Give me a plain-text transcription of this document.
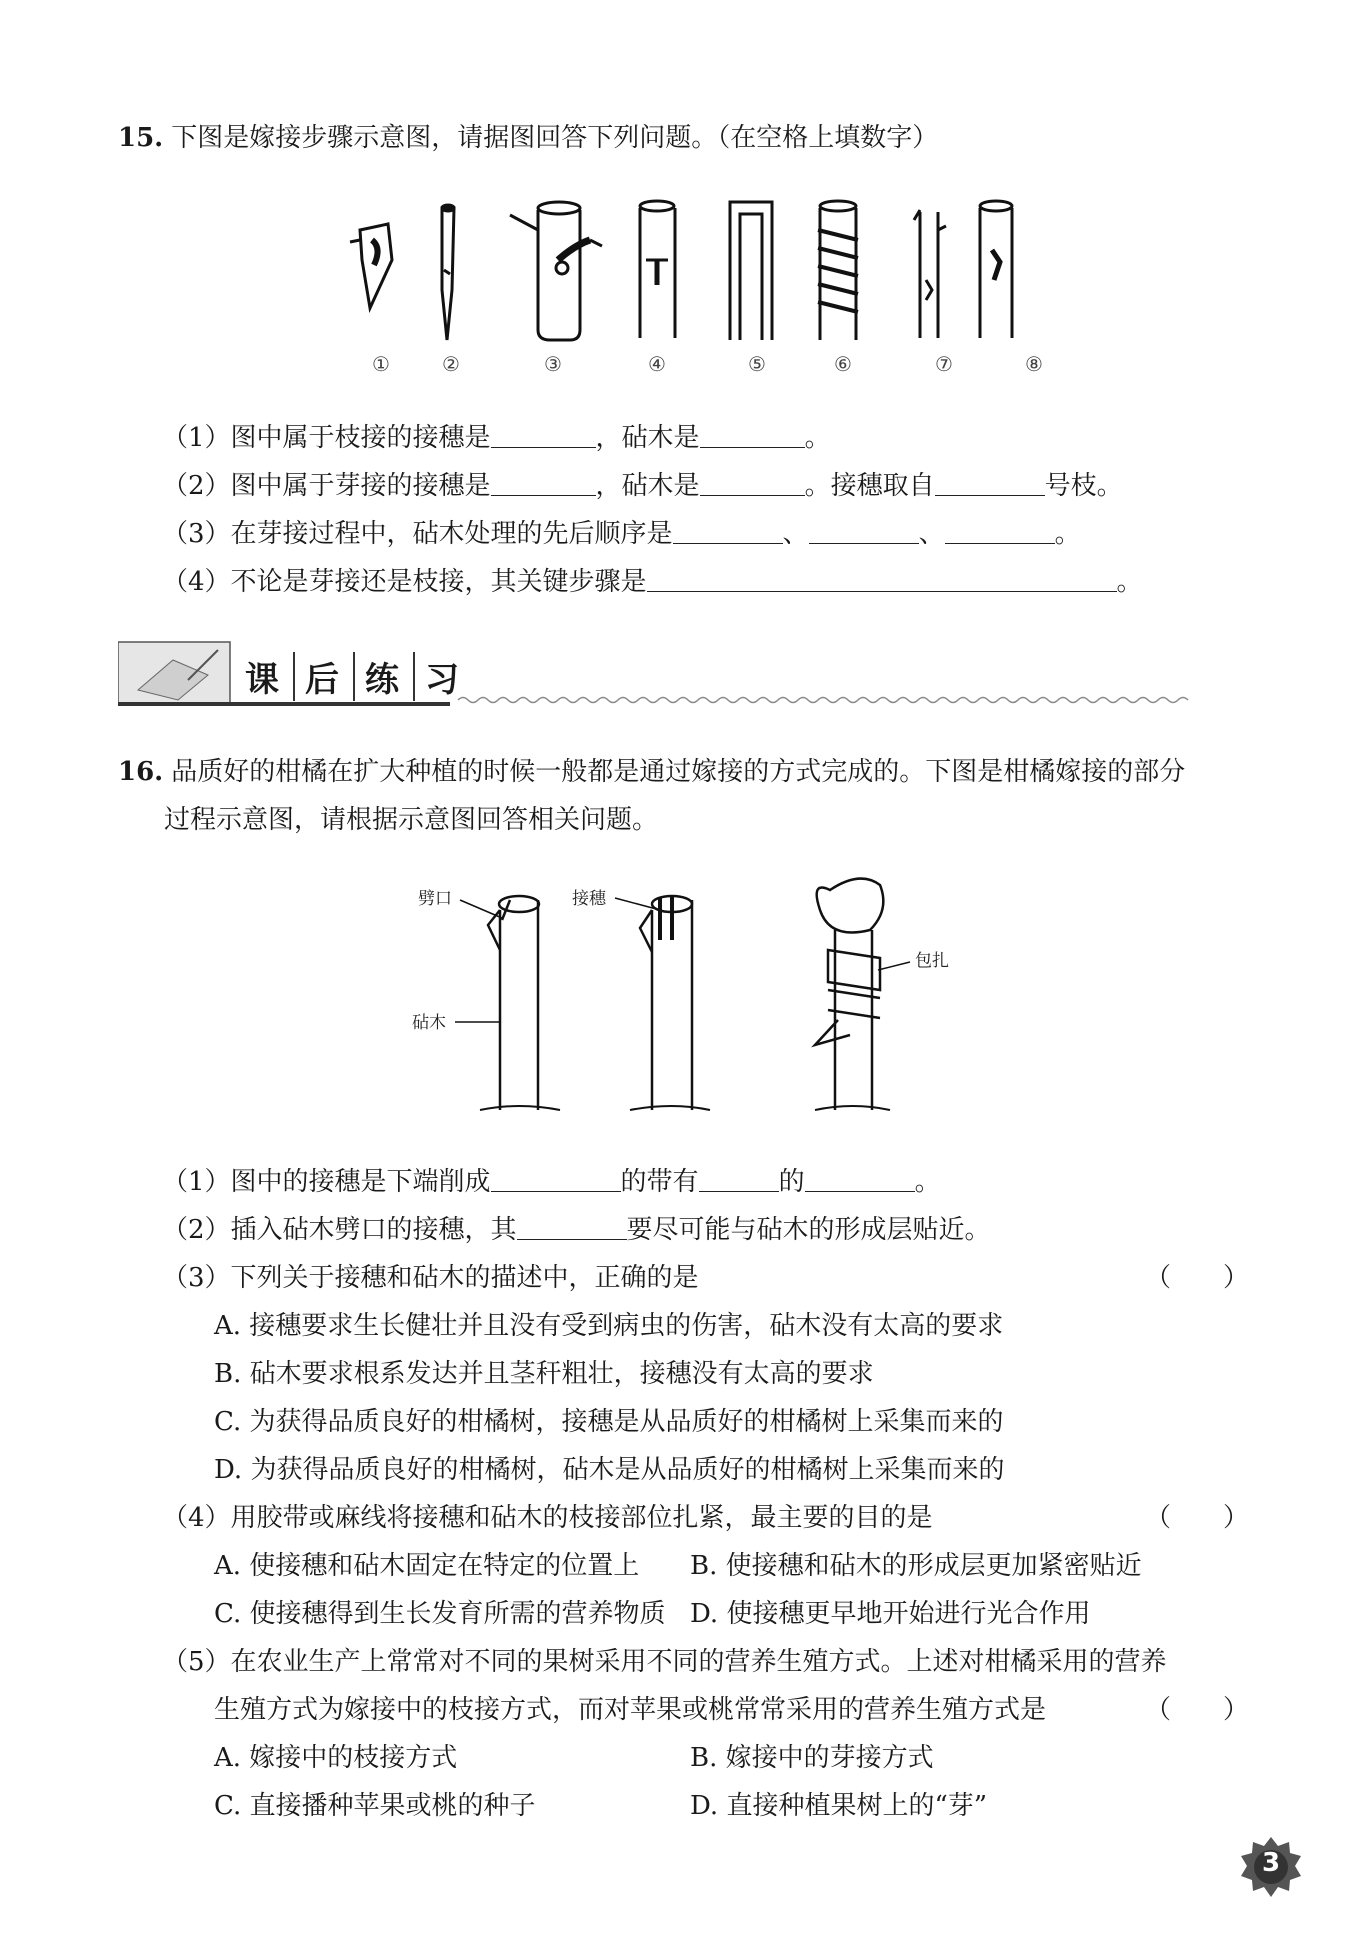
15. 下图是嫁接步骤示意图，请据图回答下列问题。（在空格上填数字）
①	②	③	④	⑤	⑥	⑦	⑧
（1）图中属于枝接的接穗是	，砧木是	。
（2）图中属于芽接的接穗是	，砧木是	。接穗取自	号枝。
（3）在芽接过程中，砧木处理的先后顺序是	、	、	。
（4）不论是芽接还是枝接，其关键步骤是	。
课 后 练 习
16. 品质好的柑橘在扩大种植的时候一般都是通过嫁接的方式完成的。下图是柑橘嫁接的部分
过程示意图，请根据示意图回答相关问题。
劈口	接穗
包扎
砧木
（1）图中的接穗是下端削成	的带有	的	。
（2）插入砧木劈口的接穗，其	要尽可能与砧木的形成层贴近。
（3）下列关于接穗和砧木的描述中，正确的是	（　　）
A. 接穗要求生长健壮并且没有受到病虫的伤害，砧木没有太高的要求
B. 砧木要求根系发达并且茎秆粗壮，接穗没有太高的要求
C. 为获得品质良好的柑橘树，接穗是从品质好的柑橘树上采集而来的
D. 为获得品质良好的柑橘树，砧木是从品质好的柑橘树上采集而来的
（4）用胶带或麻线将接穗和砧木的枝接部位扎紧，最主要的目的是	（　　）
A. 使接穗和砧木固定在特定的位置上 B. 使接穗和砧木的形成层更加紧密贴近
C. 使接穗得到生长发育所需的营养物质 D. 使接穗更早地开始进行光合作用
（5）在农业生产上常常对不同的果树采用不同的营养生殖方式。上述对柑橘采用的营养
生殖方式为嫁接中的枝接方式，而对苹果或桃常常采用的营养生殖方式是	（　　）
A. 嫁接中的枝接方式	B. 嫁接中的芽接方式
C. 直接播种苹果或桃的种子	D. 直接种植果树上的“芽”
3
